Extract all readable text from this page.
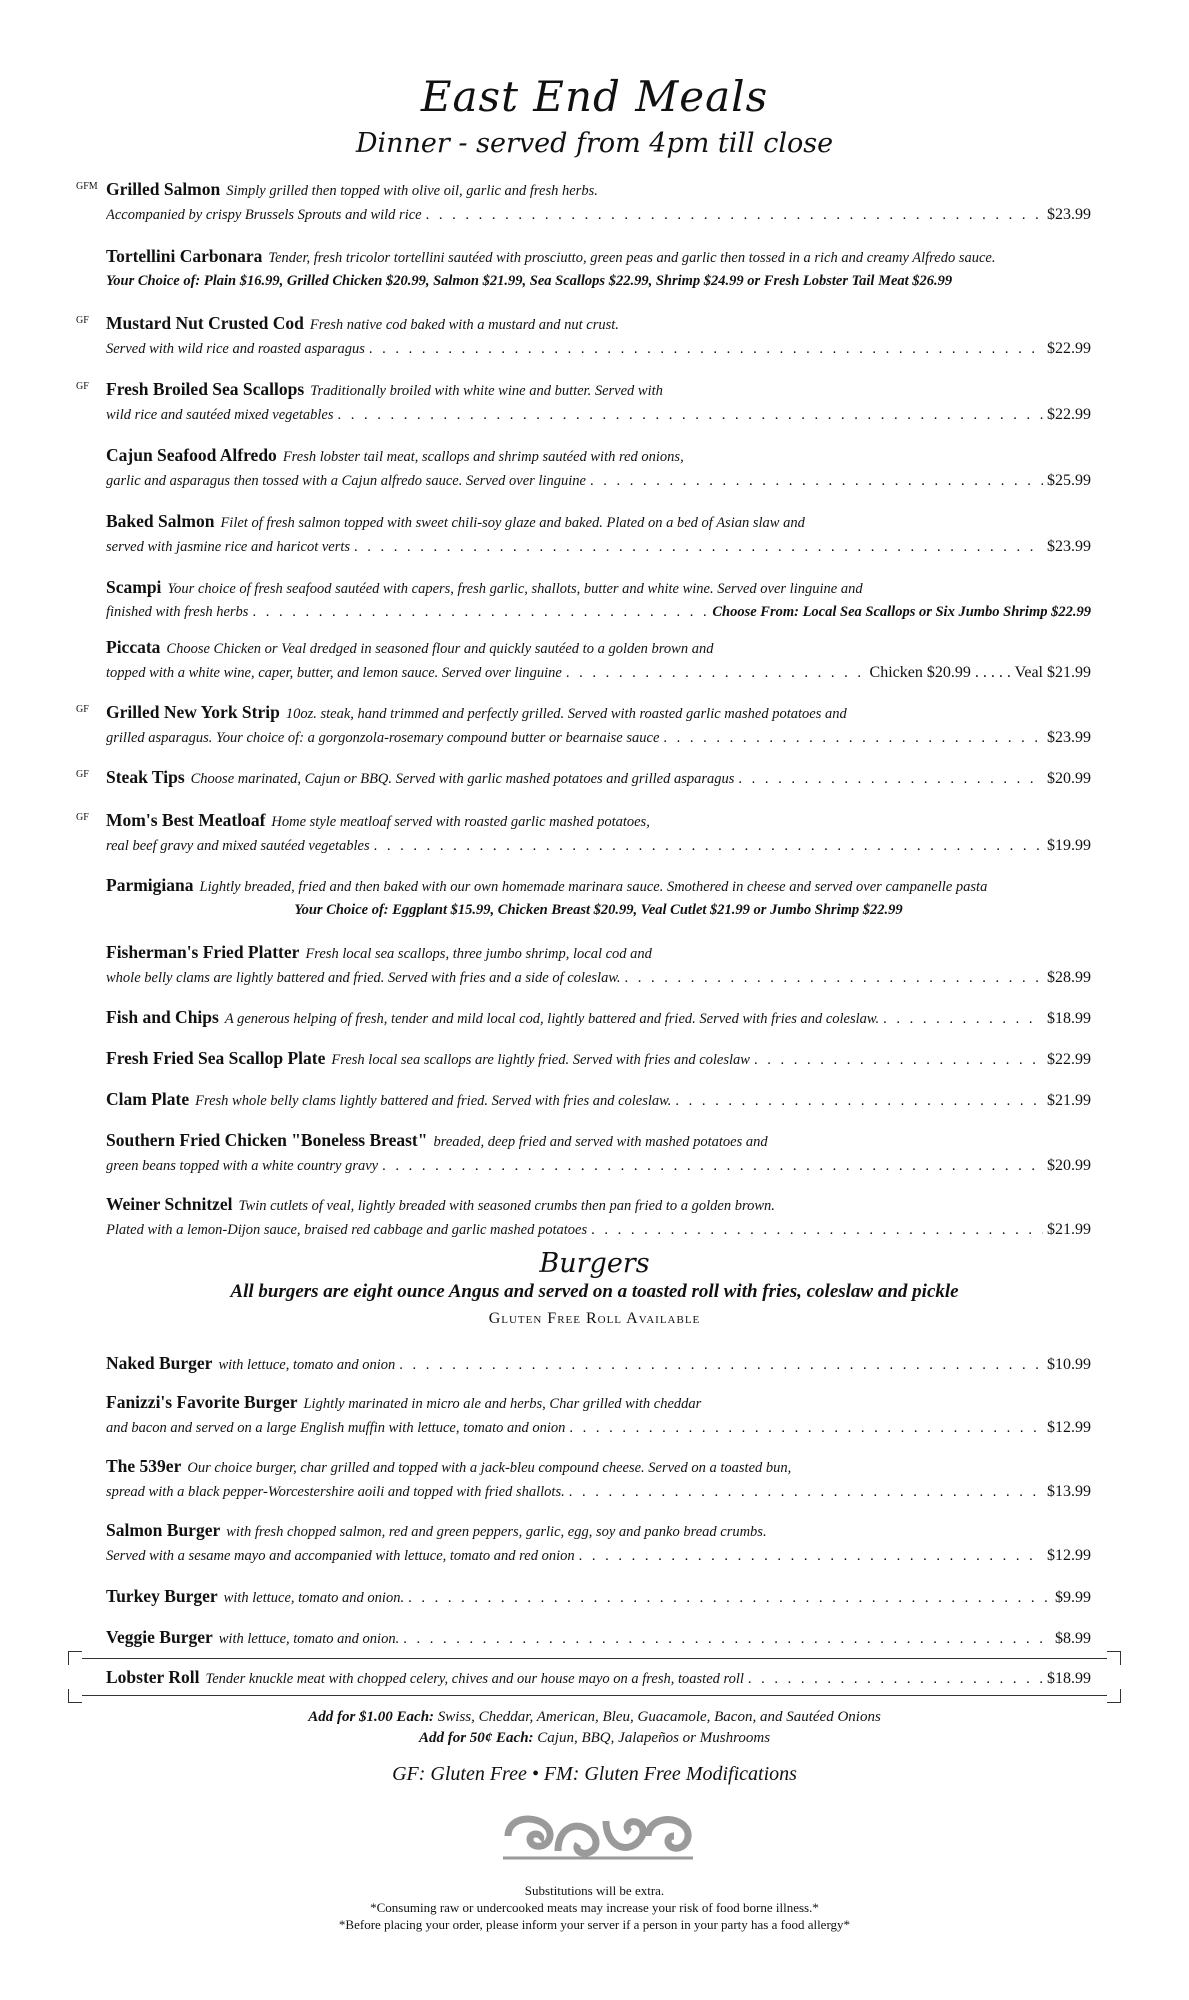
East End Meals
Dinner - served from 4pm till close
GFM Grilled Salmon Simply grilled then topped with olive oil, garlic and fresh herbs.
Accompanied by crispy Brussels Sprouts and wild rice . . .	$23.99
Tortellini Carbonara Tender, fresh tricolor tortellini sautéed with prosciutto, green peas and garlic then tossed in a rich and creamy Alfredo sauce.
Your Choice of: Plain $16.99, Grilled Chicken $20.99, Salmon $21.99, Sea Scallops $22.99, Shrimp $24.99 or Fresh Lobster Tail Meat $26.99
GF Mustard Nut Crusted Cod Fresh native cod baked with a mustard and nut crust.
Served with wild rice and roasted asparagus . . .	$22.99
GF Fresh Broiled Sea Scallops Traditionally broiled with white wine and butter. Served with
wild rice and sautéed mixed vegetables . . .	$22.99
Cajun Seafood Alfredo Fresh lobster tail meat, scallops and shrimp sautéed with red onions,
garlic and asparagus then tossed with a Cajun alfredo sauce. Served over linguine . . .	$25.99
Baked Salmon Filet of fresh salmon topped with sweet chili-soy glaze and baked. Plated on a bed of Asian slaw and
served with jasmine rice and haricot verts . . .	$23.99
Scampi Your choice of fresh seafood sautéed with capers, fresh garlic, shallots, butter and white wine. Served over linguine and
finished with fresh herbs . . .	Choose From: Local Sea Scallops or Six Jumbo Shrimp $22.99
Piccata Choose Chicken or Veal dredged in seasoned flour and quickly sautéed to a golden brown and
topped with a white wine, caper, butter, and lemon sauce. Served over linguine . . .	Chicken $20.99 . . . . . Veal $21.99
GF Grilled New York Strip 10oz. steak, hand trimmed and perfectly grilled. Served with roasted garlic mashed potatoes and
grilled asparagus. Your choice of: a gorgonzola-rosemary compound butter or bearnaise sauce . . .	$23.99
GF Steak Tips Choose marinated, Cajun or BBQ. Served with garlic mashed potatoes and grilled asparagus . . .	$20.99
GF Mom's Best Meatloaf Home style meatloaf served with roasted garlic mashed potatoes,
real beef gravy and mixed sautéed vegetables . . .	$19.99
Parmigiana Lightly breaded, fried and then baked with our own homemade marinara sauce. Smothered in cheese and served over campanelle pasta
Your Choice of: Eggplant $15.99, Chicken Breast $20.99, Veal Cutlet $21.99 or Jumbo Shrimp $22.99
Fisherman's Fried Platter Fresh local sea scallops, three jumbo shrimp, local cod and
whole belly clams are lightly battered and fried. Served with fries and a side of coleslaw. . . .	$28.99
Fish and Chips A generous helping of fresh, tender and mild local cod, lightly battered and fried. Served with fries and coleslaw. . . .	$18.99
Fresh Fried Sea Scallop Plate Fresh local sea scallops are lightly fried. Served with fries and coleslaw . . .	$22.99
Clam Plate Fresh whole belly clams lightly battered and fried. Served with fries and coleslaw. . . .	$21.99
Southern Fried Chicken "Boneless Breast" breaded, deep fried and served with mashed potatoes and
green beans topped with a white country gravy . . .	$20.99
Weiner Schnitzel Twin cutlets of veal, lightly breaded with seasoned crumbs then pan fried to a golden brown.
Plated with a lemon-Dijon sauce, braised red cabbage and garlic mashed potatoes . . .	$21.99
Burgers
All burgers are eight ounce Angus and served on a toasted roll with fries, coleslaw and pickle
Gluten Free Roll Available
Naked Burger with lettuce, tomato and onion . . .	$10.99
Fanizzi's Favorite Burger Lightly marinated in micro ale and herbs, Char grilled with cheddar
and bacon and served on a large English muffin with lettuce, tomato and onion . . .	$12.99
The 539er Our choice burger, char grilled and topped with a jack-bleu compound cheese. Served on a toasted bun,
spread with a black pepper-Worcestershire aoili and topped with fried shallots. . . .	$13.99
Salmon Burger with fresh chopped salmon, red and green peppers, garlic, egg, soy and panko bread crumbs.
Served with a sesame mayo and accompanied with lettuce, tomato and red onion . . .	$12.99
Turkey Burger with lettuce, tomato and onion. . . .	$9.99
Veggie Burger with lettuce, tomato and onion. . . .	$8.99
Lobster Roll Tender knuckle meat with chopped celery, chives and our house mayo on a fresh, toasted roll . . .	$18.99
Add for $1.00 Each: Swiss, Cheddar, American, Bleu, Guacamole, Bacon, and Sautéed Onions
Add for 50¢ Each: Cajun, BBQ, Jalapeños or Mushrooms
GF: Gluten Free • FM: Gluten Free Modifications
Substitutions will be extra.
*Consuming raw or undercooked meats may increase your risk of food borne illness.*
*Before placing your order, please inform your server if a person in your party has a food allergy*
